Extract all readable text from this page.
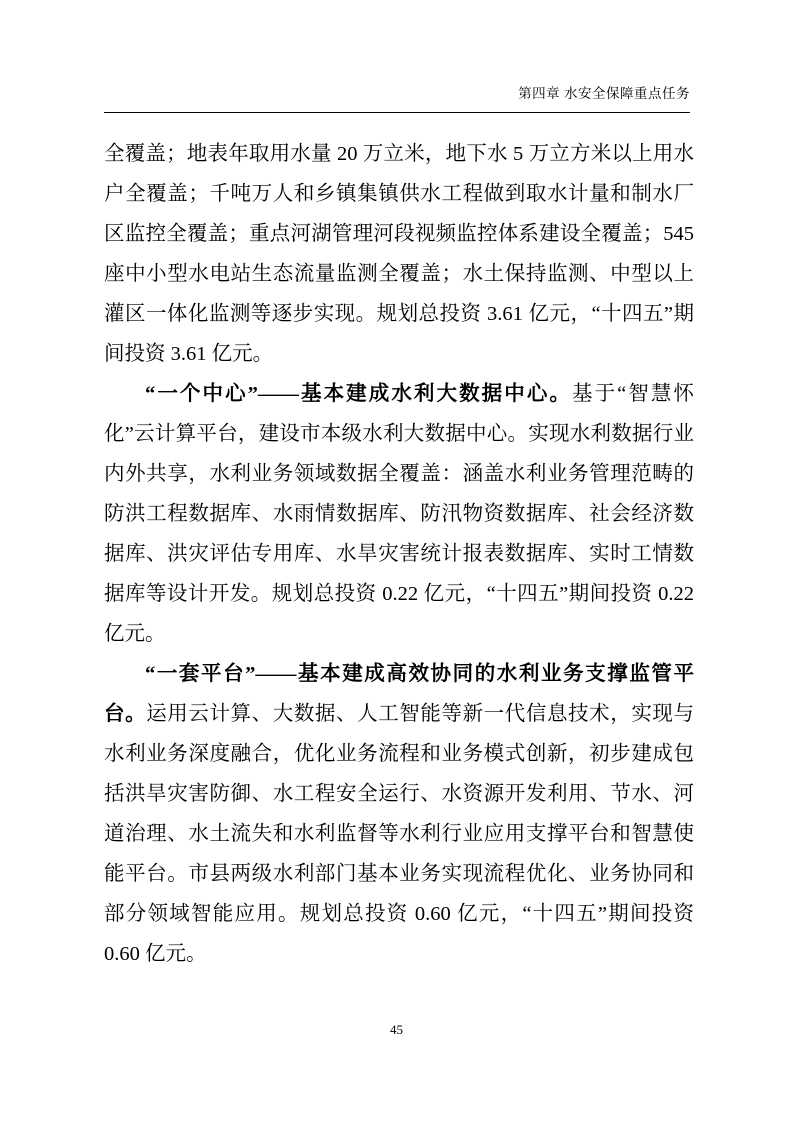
第四章 水安全保障重点任务

全覆盖；地表年取用水量 20 万立米，地下水 5 万立方米以上用水户全覆盖；千吨万人和乡镇集镇供水工程做到取水计量和制水厂区监控全覆盖；重点河湖管理河段视频监控体系建设全覆盖；545 座中小型水电站生态流量监测全覆盖；水土保持监测、中型以上灌区一体化监测等逐步实现。规划总投资 3.61 亿元，“十四五”期间投资 3.61 亿元。

“一个中心”——基本建成水利大数据中心。基于“智慧怀化”云计算平台，建设市本级水利大数据中心。实现水利数据行业内外共享，水利业务领域数据全覆盖：涵盖水利业务管理范畴的防洪工程数据库、水雨情数据库、防汛物资数据库、社会经济数据库、洪灾评估专用库、水旱灾害统计报表数据库、实时工情数据库等设计开发。规划总投资 0.22 亿元，“十四五”期间投资 0.22 亿元。

“一套平台”——基本建成高效协同的水利业务支撑监管平台。运用云计算、大数据、人工智能等新一代信息技术，实现与水利业务深度融合，优化业务流程和业务模式创新，初步建成包括洪旱灾害防御、水工程安全运行、水资源开发利用、节水、河道治理、水土流失和水利监督等水利行业应用支撑平台和智慧使能平台。市县两级水利部门基本业务实现流程优化、业务协同和部分领域智能应用。规划总投资 0.60 亿元，“十四五”期间投资 0.60 亿元。

45
